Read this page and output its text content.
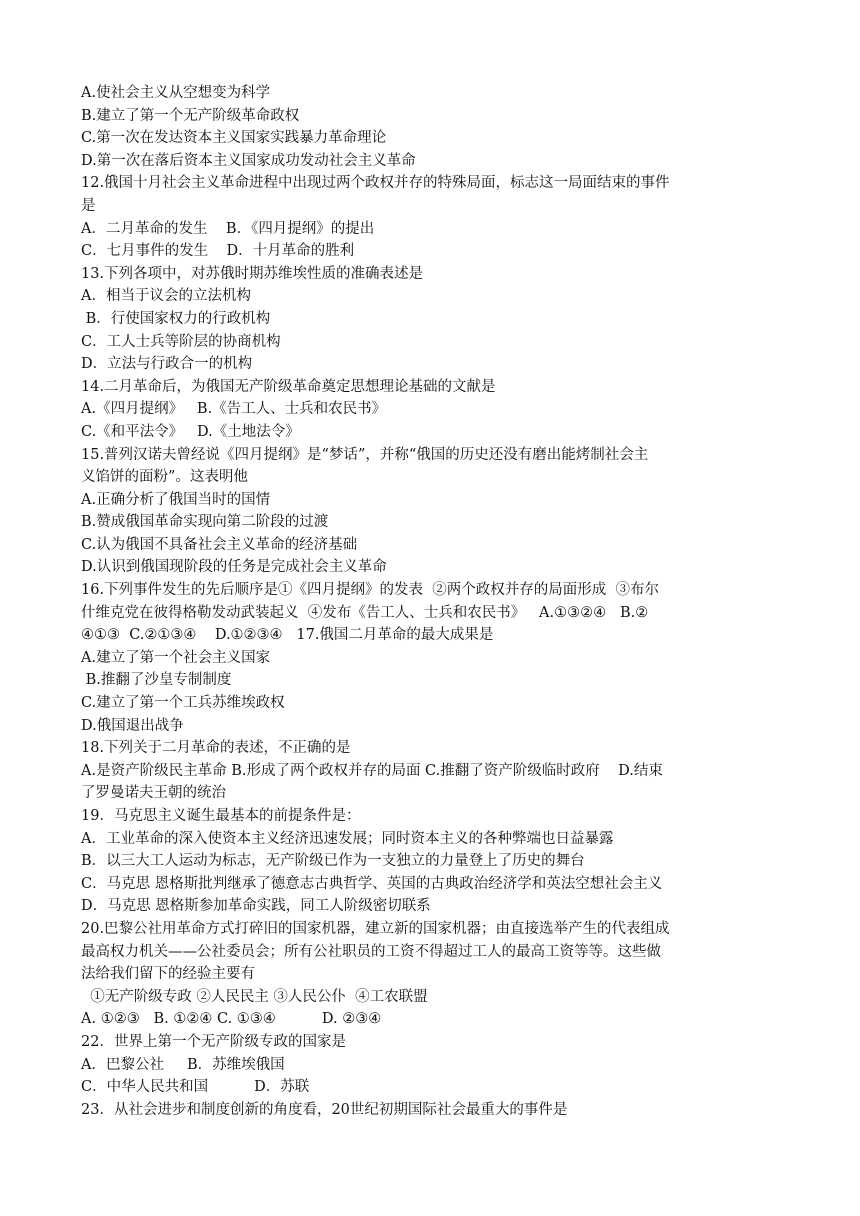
A.使社会主义从空想变为科学
B.建立了第一个无产阶级革命政权
C.第一次在发达资本主义国家实践暴力革命理论
D.第一次在落后资本主义国家成功发动社会主义革命
12.俄国十月社会主义革命进程中出现过两个政权并存的特殊局面，标志这一局面结束的事件
是
A．二月革命的发生    B．《四月提纲》的提出
C．七月事件的发生    D．十月革命的胜利
13.下列各项中，对苏俄时期苏维埃性质的准确表述是
A．相当于议会的立法机构
B．行使国家权力的行政机构
C．工人士兵等阶层的协商机构
D．立法与行政合一的机构
14.二月革命后，为俄国无产阶级革命奠定思想理论基础的文献是
A.《四月提纲》   B.《告工人、士兵和农民书》
C.《和平法令》   D.《土地法令》
15.普列汉诺夫曾经说《四月提纲》是“梦话”，并称“俄国的历史还没有磨出能烤制社会主
义馅饼的面粉”。这表明他
A.正确分析了俄国当时的国情
B.赞成俄国革命实现向第二阶段的过渡
C.认为俄国不具备社会主义革命的经济基础
D.认识到俄国现阶段的任务是完成社会主义革命
16.下列事件发生的先后顺序是①《四月提纲》的发表  ②两个政权并存的局面形成  ③布尔
什维克党在彼得格勒发动武装起义  ④发布《告工人、士兵和农民书》   A.①③②④   B.②
④①③  C.②①③④    D.①②③④   17.俄国二月革命的最大成果是
A.建立了第一个社会主义国家
B.推翻了沙皇专制制度
C.建立了第一个工兵苏维埃政权
D.俄国退出战争
18.下列关于二月革命的表述，不正确的是
A.是资产阶级民主革命 B.形成了两个政权并存的局面 C.推翻了资产阶级临时政府    D.结束
了罗曼诺夫王朝的统治
19．马克思主义诞生最基本的前提条件是：
A．工业革命的深入使资本主义经济迅速发展；同时资本主义的各种弊端也日益暴露
B．以三大工人运动为标志，无产阶级已作为一支独立的力量登上了历史的舞台
C．马克思 恩格斯批判继承了德意志古典哲学、英国的古典政治经济学和英法空想社会主义
D．马克思 恩格斯参加革命实践，同工人阶级密切联系
20.巴黎公社用革命方式打碎旧的国家机器，建立新的国家机器；由直接选举产生的代表组成
最高权力机关——公社委员会；所有公社职员的工资不得超过工人的最高工资等等。这些做
法给我们留下的经验主要有
①无产阶级专政 ②人民民主 ③人民公仆  ④工农联盟
A. ①②③   B. ①②④ C. ①③④          D. ②③④
22．世界上第一个无产阶级专政的国家是
A．巴黎公社     B．苏维埃俄国
C．中华人民共和国          D．苏联
23．从社会进步和制度创新的角度看，20世纪初期国际社会最重大的事件是
